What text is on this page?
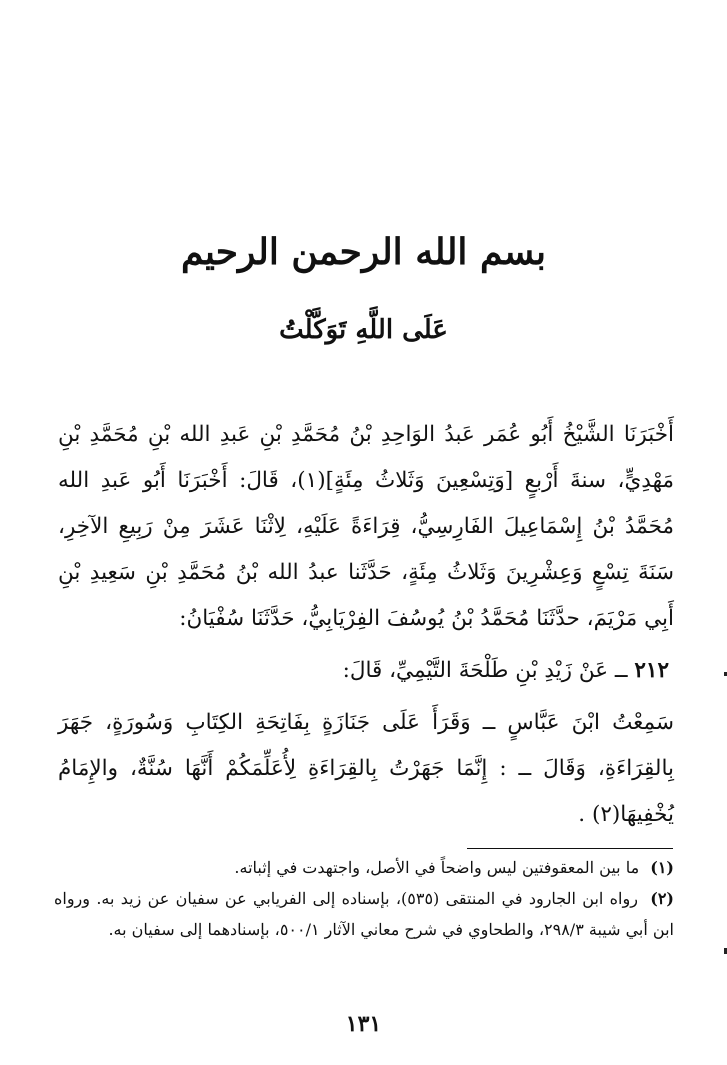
بسم الله الرحمن الرحيم
عَلَى اللَّهِ تَوَكَّلْتُ

أَخْبَرَنَا الشَّيْخُ أَبُو عُمَر عَبدُ الوَاحِدِ بْنُ مُحَمَّدِ بْنِ عَبدِ الله بْنِ مُحَمَّدِ بْنِ مَهْدِيٍّ، سنةَ أَرْبعٍ [وَتِسْعِينَ وَثَلاثُ مِئَةٍ](١)، قَالَ: أَخْبَرَنَا أَبُو عَبدِ الله مُحَمَّدُ بْنُ إِسْمَاعِيلَ الفَارِسِيُّ، قِرَاءَةً عَلَيْهِ، لِاثْنَا عَشَرَ مِنْ رَبِيعِ الآخِرِ، سَنَةَ تِسْعٍ وَعِشْرِينَ وَثَلاثُ مِئَةٍ، حَدَّثَنا عبدُ الله بْنُ مُحَمَّدِ بْنِ سَعِيدِ بْنِ أَبِي مَرْيَمَ، حدَّثَنَا مُحَمَّدُ بْنُ يُوسُفَ الفِرْيَابِيُّ، حَدَّثَنَا سُفْيَانُ:

٢١٢ ــ عَنْ زَيْدِ بْنِ طَلْحَةَ التَّيْمِيِّ، قَالَ:

سَمِعْتُ ابْنَ عَبَّاسٍ ــ وَقَرَأَ عَلَى جَنَازَةٍ بِفَاتِحَةِ الكِتَابِ وَسُورَةٍ، جَهَرَ بِالقِرَاءَةِ، وَقَالَ ــ : إِنَّمَا جَهَرْتُ بِالقِرَاءَةِ لِأُعَلِّمَكُمْ أَنَّهَا سُنَّةٌ، والإِمَامُ يُخْفِيهَا(٢) .

(١) ما بين المعقوفتين ليس واضحاً في الأصل، واجتهدت في إثباته.

(٢) رواه ابن الجارود في المنتقى (٥٣٥)، بإسناده إلى الفريابي عن سفيان عن زيد به. ورواه ابن أبي شيبة ٢٩٨/٣، والطحاوي في شرح معاني الآثار ٥٠٠/١، بإسنادهما إلى سفيان به.

١٣١
